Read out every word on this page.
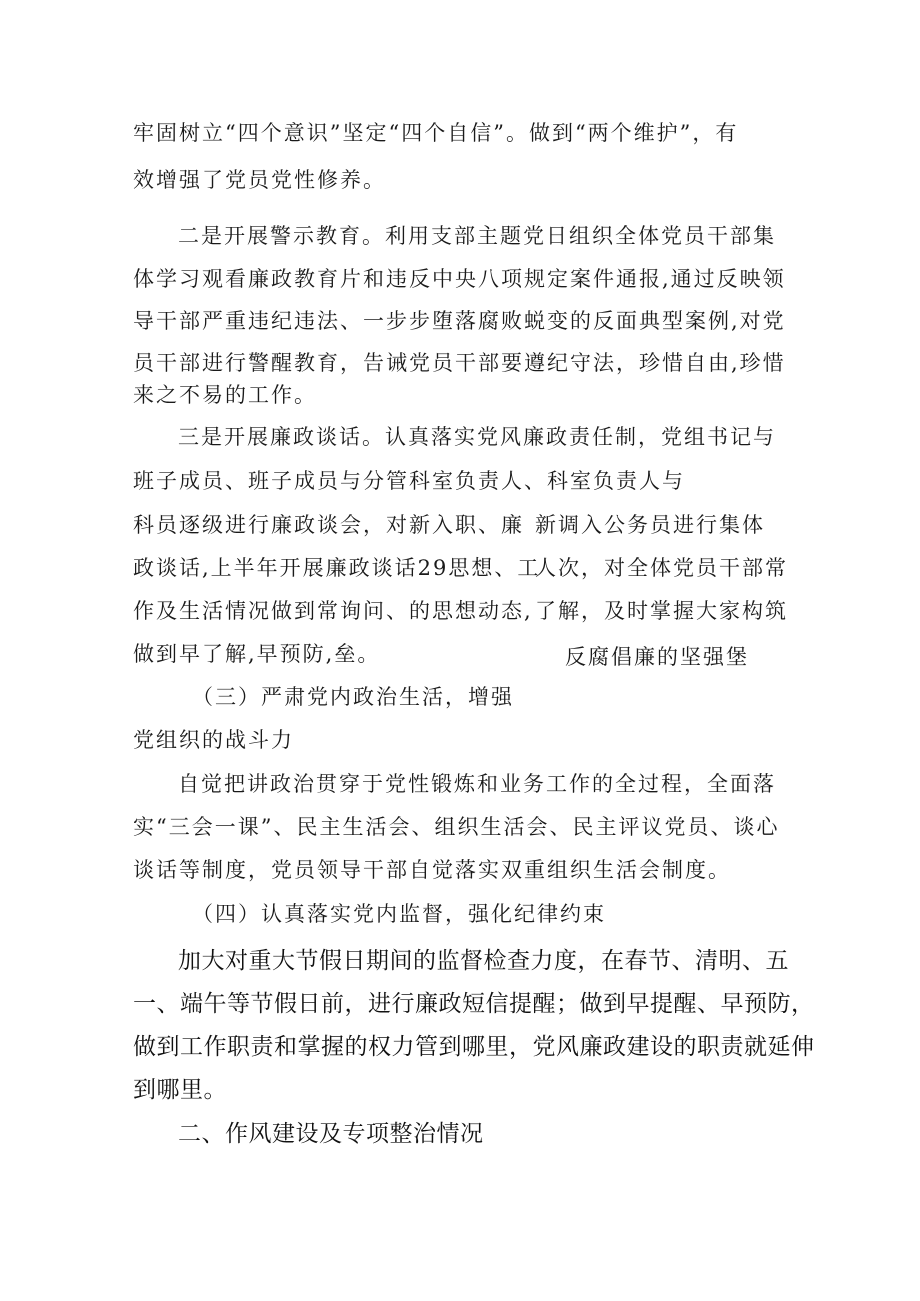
牢固树立“四个意识”坚定“四个自信”。做到“两个维护”，有

效增强了党员党性修养。

二是开展警示教育。利用支部主题党日组织全体党员干部集

体学习观看廉政教育片和违反中央八项规定案件通报,通过反映领

导干部严重违纪违法、一步步堕落腐败蜕变的反面典型案例,对党

员干部进行警醒教育，告诫党员干部要遵纪守法，珍惜自由,珍惜

来之不易的工作。

三是开展廉政谈话。认真落实党风廉政责任制，党组书记与

班子成员、班子成员与分管科室负责人、科室负责人与

科员逐级进行廉政谈会，对新入职、廉

政谈话,上半年开展廉政谈话29思想、工

作及生活情况做到常询问、的思想动态,

做到早了解,早预防,垒。

新调入公务员进行集体

人次，对全体党员干部常

了解，及时掌握大家构筑

反腐倡廉的坚强堡

（三）严肃党内政治生活，增强

党组织的战斗力

自觉把讲政治贯穿于党性锻炼和业务工作的全过程，全面落

实“三会一课”、民主生活会、组织生活会、民主评议党员、谈心

谈话等制度，党员领导干部自觉落实双重组织生活会制度。

（四）认真落实党内监督，强化纪律约束

加大对重大节假日期间的监督检查力度，在春节、清明、五

一、端午等节假日前，进行廉政短信提醒；做到早提醒、早预防，

做到工作职责和掌握的权力管到哪里，党风廉政建设的职责就延伸

到哪里。

二、作风建设及专项整治情况
